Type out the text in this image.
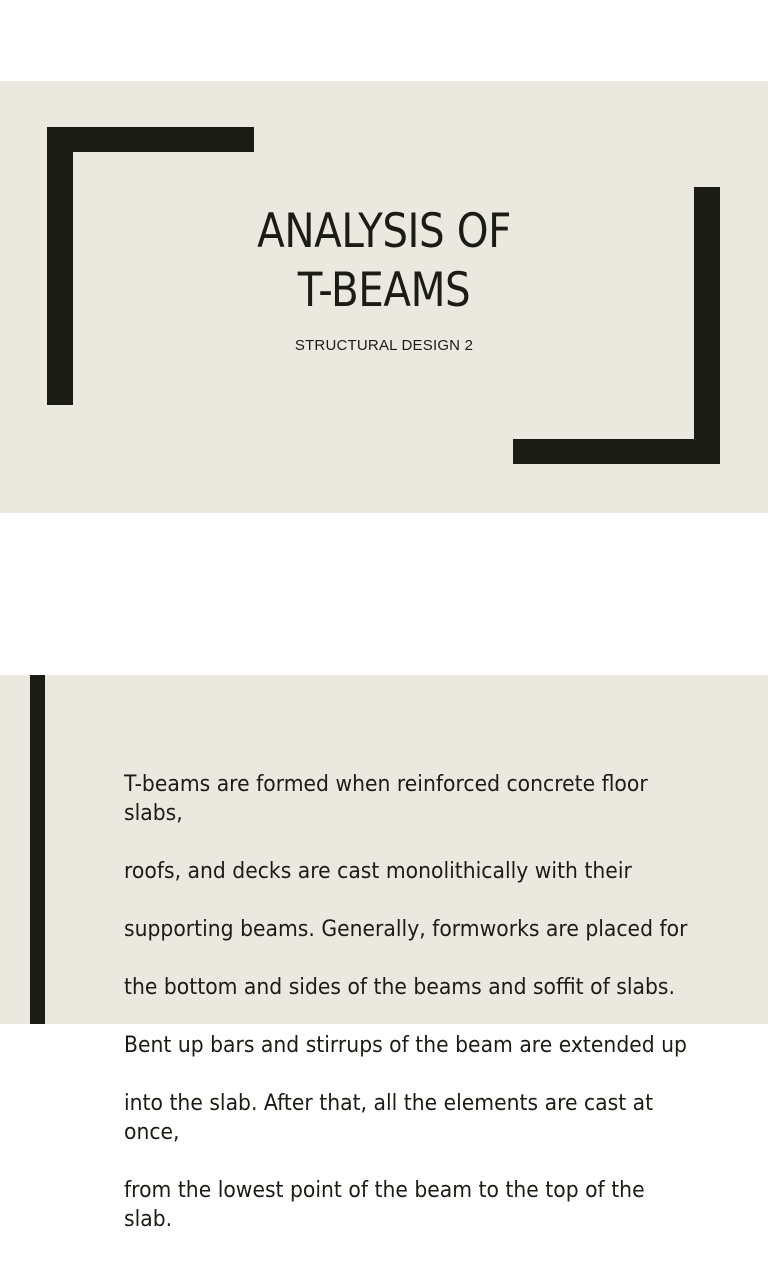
ANALYSIS OF
T-BEAMS
STRUCTURAL DESIGN 2

T-beams are formed when reinforced concrete floor slabs,

roofs, and decks are cast monolithically with their

supporting beams. Generally, formworks are placed for

the bottom and sides of the beams and soffit of slabs.

Bent up bars and stirrups of the beam are extended up

into the slab. After that, all the elements are cast at once,

from the lowest point of the beam to the top of the slab.
